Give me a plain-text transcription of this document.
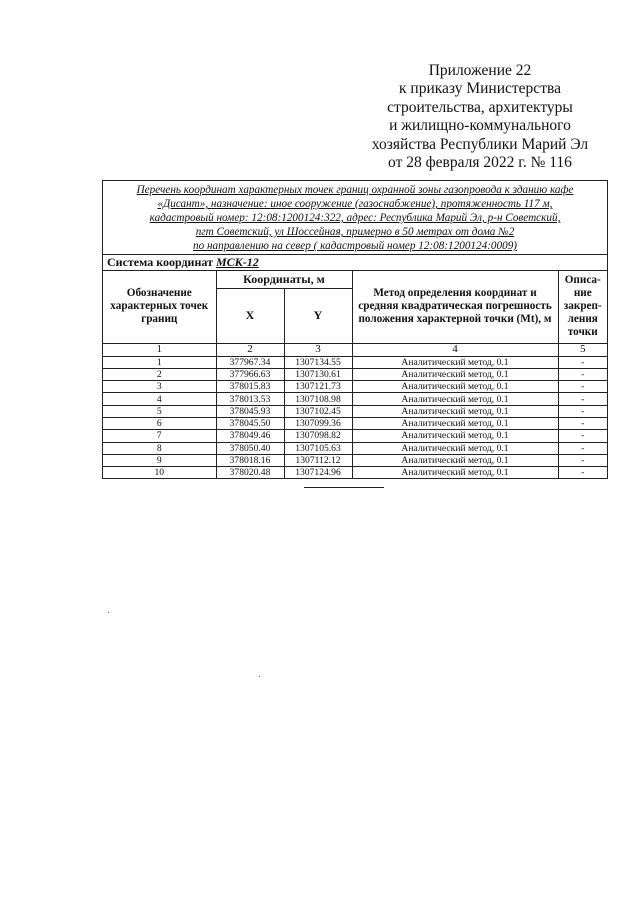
Приложение 22
к приказу Министерства
строительства, архитектуры
и жилищно-коммунального
хозяйства Республики Марий Эл
от 28 февраля 2022 г. № 116
Перечень координат характерных точек границ охранной зоны газопровода к зданию кафе
«Дисант», назначение: иное сооружение (газоснабжение), протяженность 117 м,
кадастровый номер: 12:08:1200124:322, адрес: Республика Марий Эл, р-н Советский,
пгт Советский, ул Шоссейная, примерно в 50 метрах от дома №2
по направлению на север ( кадастровый номер 12:08:1200124:0009)
Система координат МСК-12
Обозначение характерных точек границ	Координаты, м		Метод определения координат и средняя квадратическая погрешность положения характерной точки (Mt), м	Описа-ние закреп-ления точки
	X	Y		
1	2	3	4	5
1	377967.34	1307134.55	Аналитический метод, 0.1	-
2	377966.63	1307130.61	Аналитический метод, 0.1	-
3	378015.83	1307121.73	Аналитический метод, 0.1	-
4	378013.53	1307108.98	Аналитический метод, 0.1	-
5	378045.93	1307102.45	Аналитический метод, 0.1	-
6	378045.50	1307099.36	Аналитический метод, 0.1	-
7	378049.46	1307098.82	Аналитический метод, 0.1	-
8	378050.40	1307105.63	Аналитический метод, 0.1	-
9	378018.16	1307112.12	Аналитический метод, 0.1	-
10	378020.48	1307124.96	Аналитический метод, 0.1	-
